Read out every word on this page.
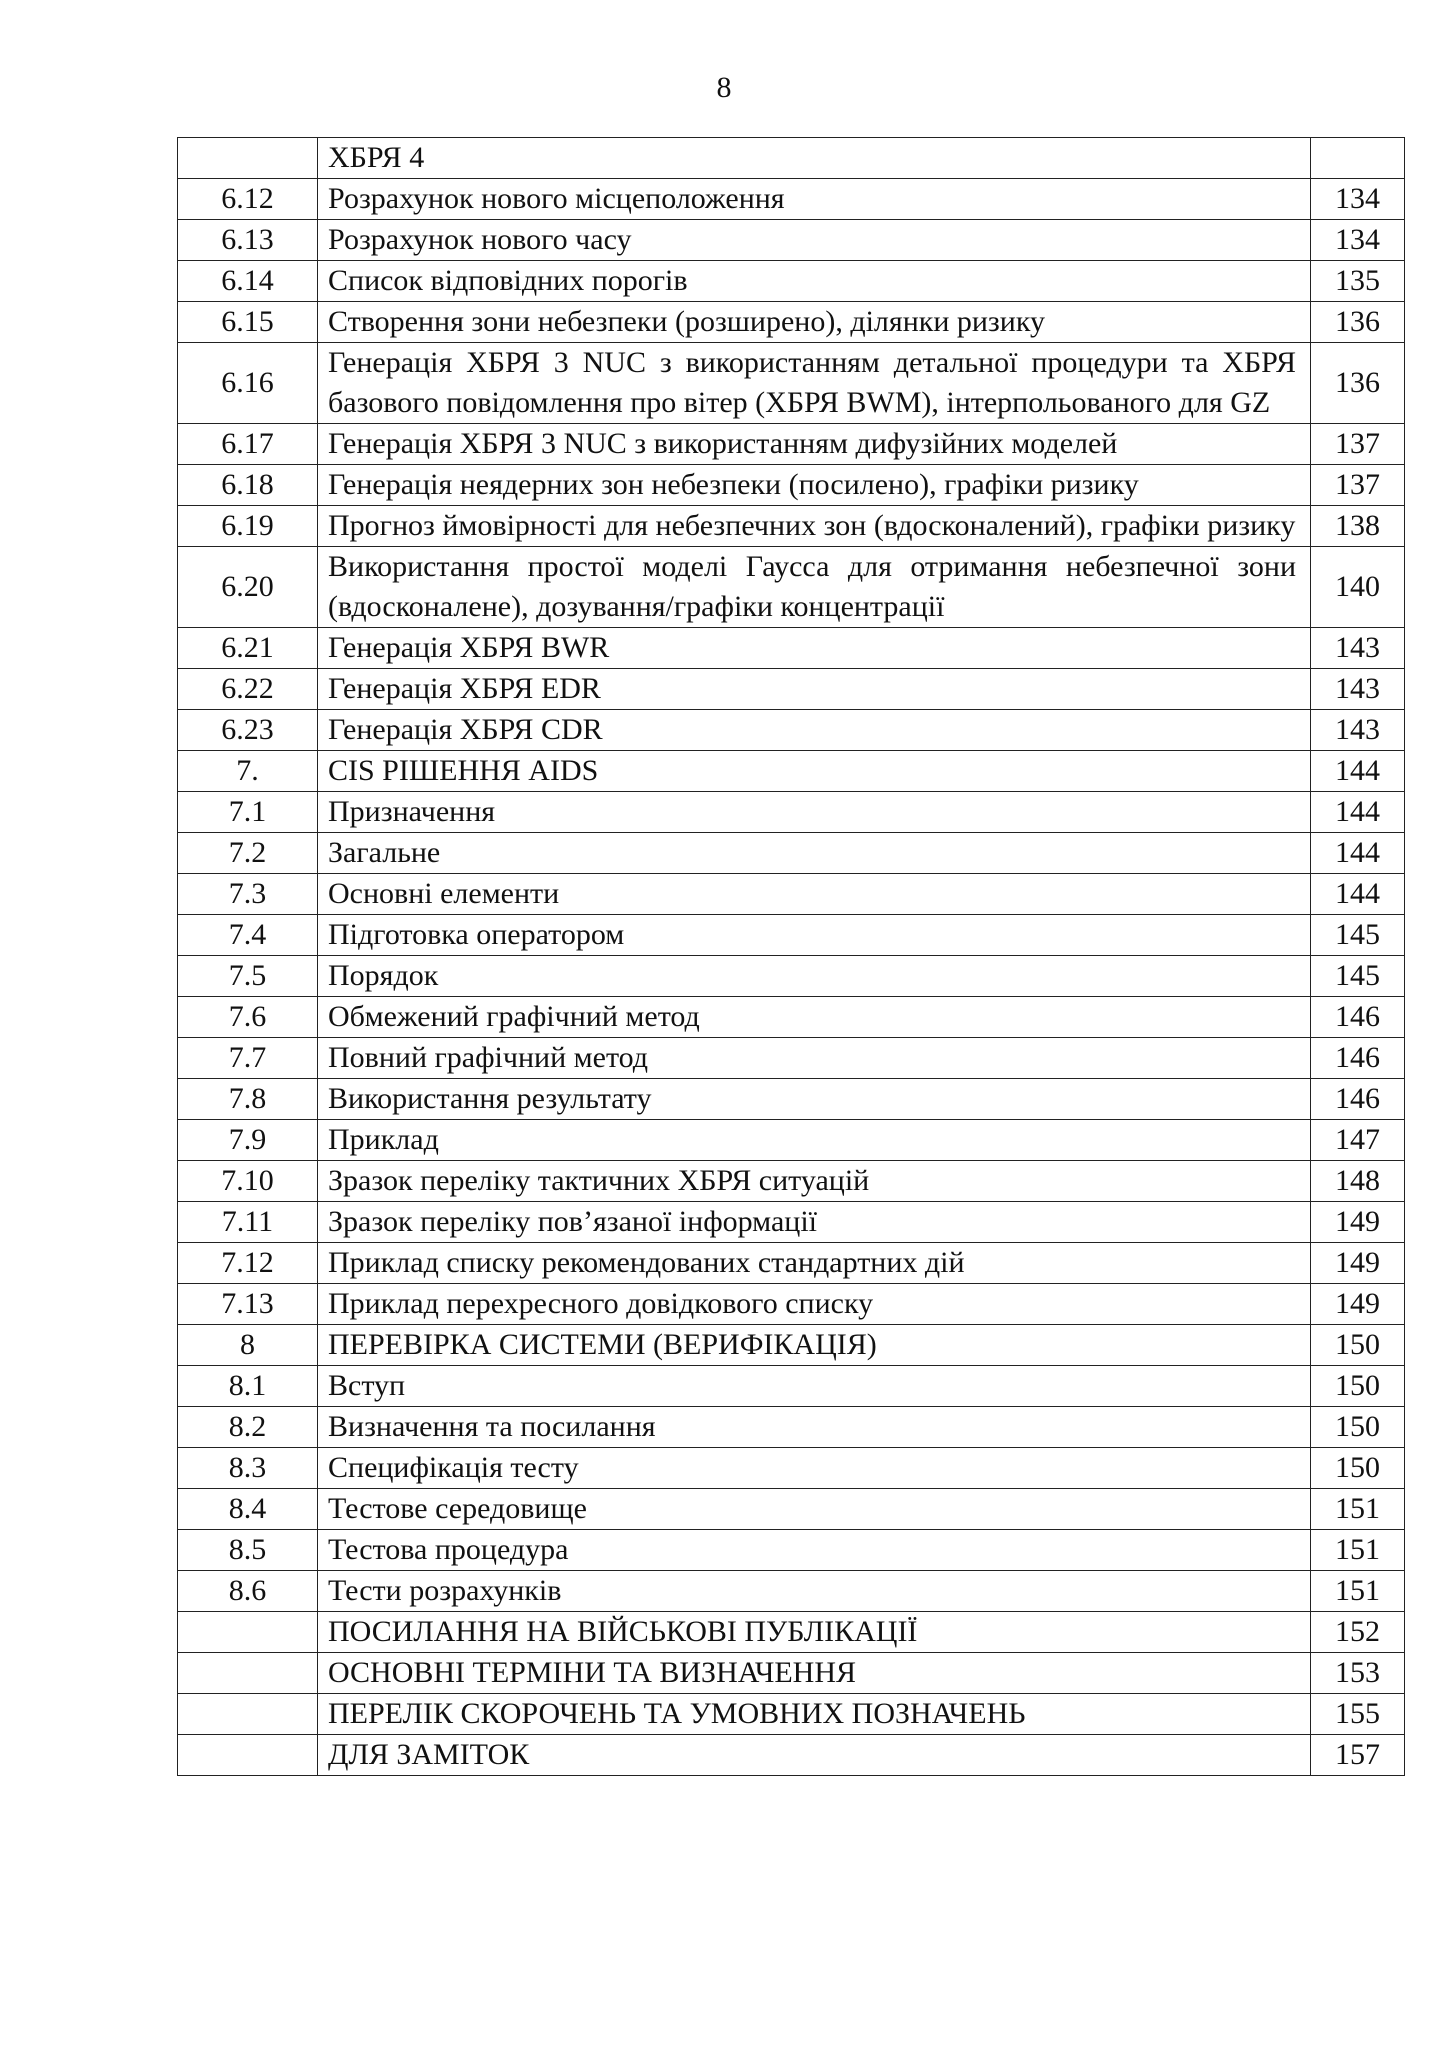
8
	ХБРЯ 4	
6.12	Розрахунок нового місцеположення	134
6.13	Розрахунок нового часу	134
6.14	Список відповідних порогів	135
6.15	Створення зони небезпеки (розширено), ділянки ризику	136
6.16	Генерація ХБРЯ 3 NUC з використанням детальної процедури та ХБРЯ базового повідомлення про вітер (ХБРЯ BWM), інтерпольованого для GZ	136
6.17	Генерація ХБРЯ 3 NUC з використанням дифузійних моделей	137
6.18	Генерація неядерних зон небезпеки (посилено), графіки ризику	137
6.19	Прогноз ймовірності для небезпечних зон (вдосконалений), графіки ризику	138
6.20	Використання простої моделі Гаусса для отримання небезпечної зони (вдосконалене), дозування/графіки концентрації	140
6.21	Генерація ХБРЯ BWR	143
6.22	Генерація ХБРЯ EDR	143
6.23	Генерація ХБРЯ CDR	143
7.	CIS РІШЕННЯ AIDS	144
7.1	Призначення	144
7.2	Загальне	144
7.3	Основні елементи	144
7.4	Підготовка оператором	145
7.5	Порядок	145
7.6	Обмежений графічний метод	146
7.7	Повний графічний метод	146
7.8	Використання результату	146
7.9	Приклад	147
7.10	Зразок переліку тактичних ХБРЯ ситуацій	148
7.11	Зразок переліку пов’язаної інформації	149
7.12	Приклад списку рекомендованих стандартних дій	149
7.13	Приклад перехресного довідкового списку	149
8	ПЕРЕВІРКА СИСТЕМИ (ВЕРИФІКАЦІЯ)	150
8.1	Вступ	150
8.2	Визначення та посилання	150
8.3	Специфікація тесту	150
8.4	Тестове середовище	151
8.5	Тестова процедура	151
8.6	Тести розрахунків	151
	ПОСИЛАННЯ НА ВІЙСЬКОВІ ПУБЛІКАЦІЇ	152
	ОСНОВНІ ТЕРМІНИ ТА ВИЗНАЧЕННЯ	153
	ПЕРЕЛІК СКОРОЧЕНЬ ТА УМОВНИХ ПОЗНАЧЕНЬ	155
	ДЛЯ ЗАМІТОК	157
